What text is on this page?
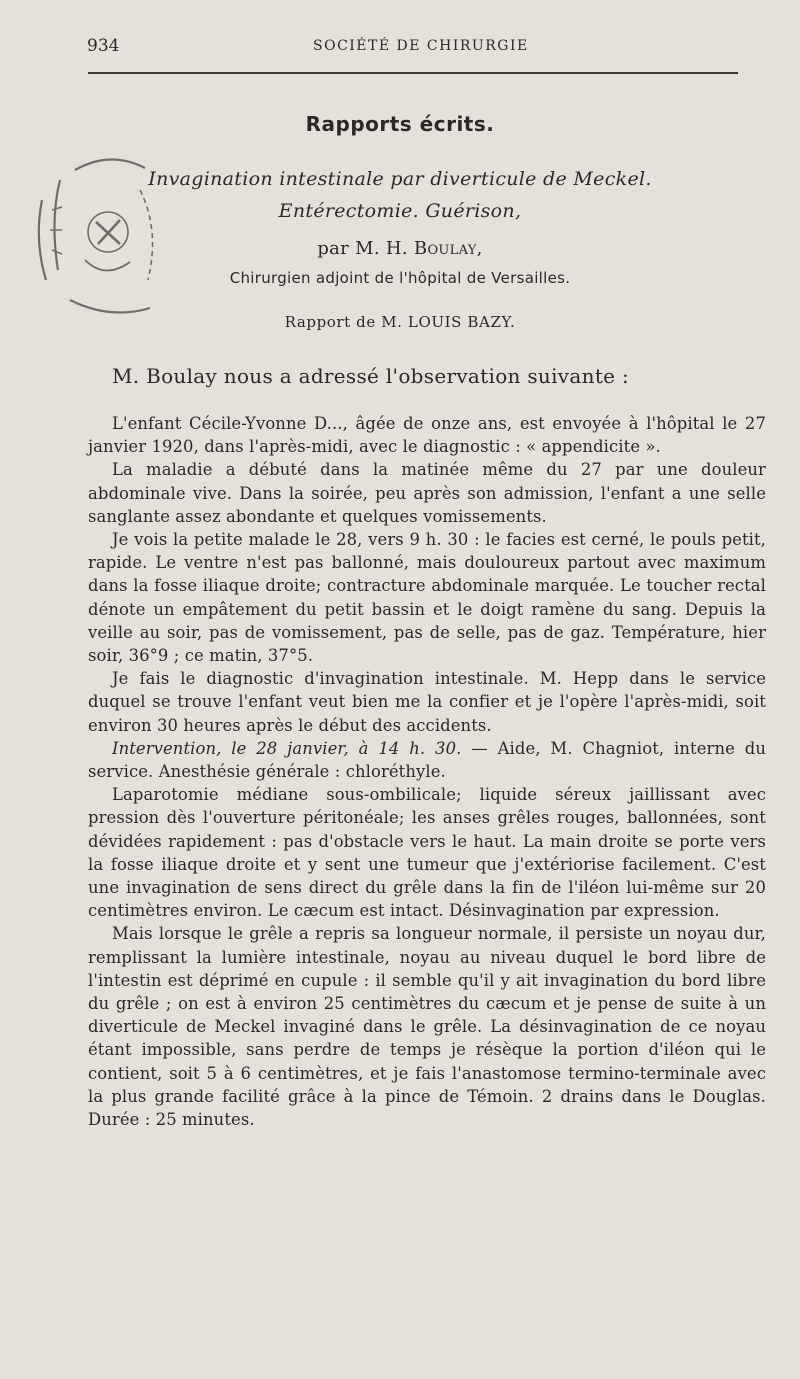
934	SOCIÉTÉ DE CHIRURGIE
Rapports écrits.
Invagination intestinale par diverticule de Meckel.
Entérectomie. Guérison,
par M. H. Boulay,
Chirurgien adjoint de l'hôpital de Versailles.
Rapport de M. LOUIS BAZY.
M. Boulay nous a adressé l'observation suivante :

L'enfant Cécile-Yvonne D..., âgée de onze ans, est envoyée à l'hôpital le 27 janvier 1920, dans l'après-midi, avec le diagnostic : « appendicite ».

La maladie a débuté dans la matinée même du 27 par une douleur abdominale vive. Dans la soirée, peu après son admission, l'enfant a une selle sanglante assez abondante et quelques vomissements.

Je vois la petite malade le 28, vers 9 h. 30 : le facies est cerné, le pouls petit, rapide. Le ventre n'est pas ballonné, mais douloureux partout avec maximum dans la fosse iliaque droite; contracture abdominale marquée. Le toucher rectal dénote un empâtement du petit bassin et le doigt ramène du sang. Depuis la veille au soir, pas de vomissement, pas de selle, pas de gaz. Température, hier soir, 36°9 ; ce matin, 37°5.

Je fais le diagnostic d'invagination intestinale. M. Hepp dans le service duquel se trouve l'enfant veut bien me la confier et je l'opère l'après-midi, soit environ 30 heures après le début des accidents.

Intervention, le 28 janvier, à 14 h. 30. — Aide, M. Chagniot, interne du service. Anesthésie générale : chloréthyle.

Laparotomie médiane sous-ombilicale; liquide séreux jaillissant avec pression dès l'ouverture péritonéale; les anses grêles rouges, ballonnées, sont dévidées rapidement : pas d'obstacle vers le haut. La main droite se porte vers la fosse iliaque droite et y sent une tumeur que j'extériorise facilement. C'est une invagination de sens direct du grêle dans la fin de l'iléon lui-même sur 20 centimètres environ. Le cæcum est intact. Désinvagination par expression.

Mais lorsque le grêle a repris sa longueur normale, il persiste un noyau dur, remplissant la lumière intestinale, noyau au niveau duquel le bord libre de l'intestin est déprimé en cupule : il semble qu'il y ait invagination du bord libre du grêle ; on est à environ 25 centimètres du cæcum et je pense de suite à un diverticule de Meckel invaginé dans le grêle. La désinvagination de ce noyau étant impossible, sans perdre de temps je résèque la portion d'iléon qui le contient, soit 5 à 6 centimètres, et je fais l'anastomose termino-terminale avec la plus grande facilité grâce à la pince de Témoin. 2 drains dans le Douglas. Durée : 25 minutes.
